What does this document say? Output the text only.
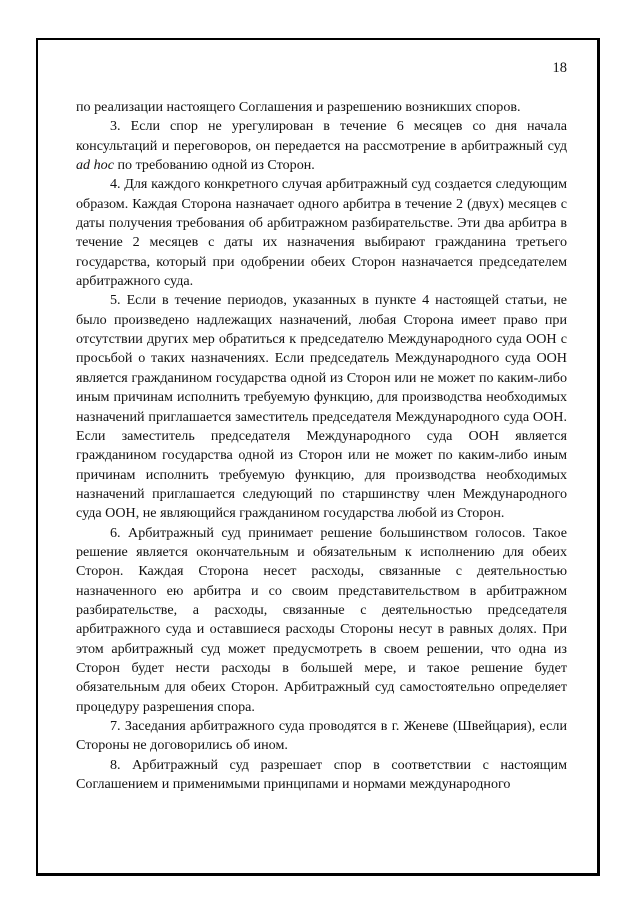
18

по реализации настоящего Соглашения и разрешению возникших споров.

3. Если спор не урегулирован в течение 6 месяцев со дня начала консультаций и переговоров, он передается на рассмотрение в арбитражный суд ad hoc по требованию одной из Сторон.

4. Для каждого конкретного случая арбитражный суд создается следующим образом. Каждая Сторона назначает одного арбитра в течение 2 (двух) месяцев с даты получения требования об арбитражном разбирательстве. Эти два арбитра в течение 2 месяцев с даты их назначения выбирают гражданина третьего государства, который при одобрении обеих Сторон назначается председателем арбитражного суда.

5. Если в течение периодов, указанных в пункте 4 настоящей статьи, не было произведено надлежащих назначений, любая Сторона имеет право при отсутствии других мер обратиться к председателю Международного суда ООН с просьбой о таких назначениях. Если председатель Международного суда ООН является гражданином государства одной из Сторон или не может по каким-либо иным причинам исполнить требуемую функцию, для производства необходимых назначений приглашается заместитель председателя Международного суда ООН. Если заместитель председателя Международного суда ООН является гражданином государства одной из Сторон или не может по каким-либо иным причинам исполнить требуемую функцию, для производства необходимых назначений приглашается следующий по старшинству член Международного суда ООН, не являющийся гражданином государства любой из Сторон.

6. Арбитражный суд принимает решение большинством голосов. Такое решение является окончательным и обязательным к исполнению для обеих Сторон. Каждая Сторона несет расходы, связанные с деятельностью назначенного ею арбитра и со своим представительством в арбитражном разбирательстве, а расходы, связанные с деятельностью председателя арбитражного суда и оставшиеся расходы Стороны несут в равных долях. При этом арбитражный суд может предусмотреть в своем решении, что одна из Сторон будет нести расходы в большей мере, и такое решение будет обязательным для обеих Сторон. Арбитражный суд самостоятельно определяет процедуру разрешения спора.

7. Заседания арбитражного суда проводятся в г. Женеве (Швейцария), если Стороны не договорились об ином.

8. Арбитражный суд разрешает спор в соответствии с настоящим Соглашением и применимыми принципами и нормами международного
